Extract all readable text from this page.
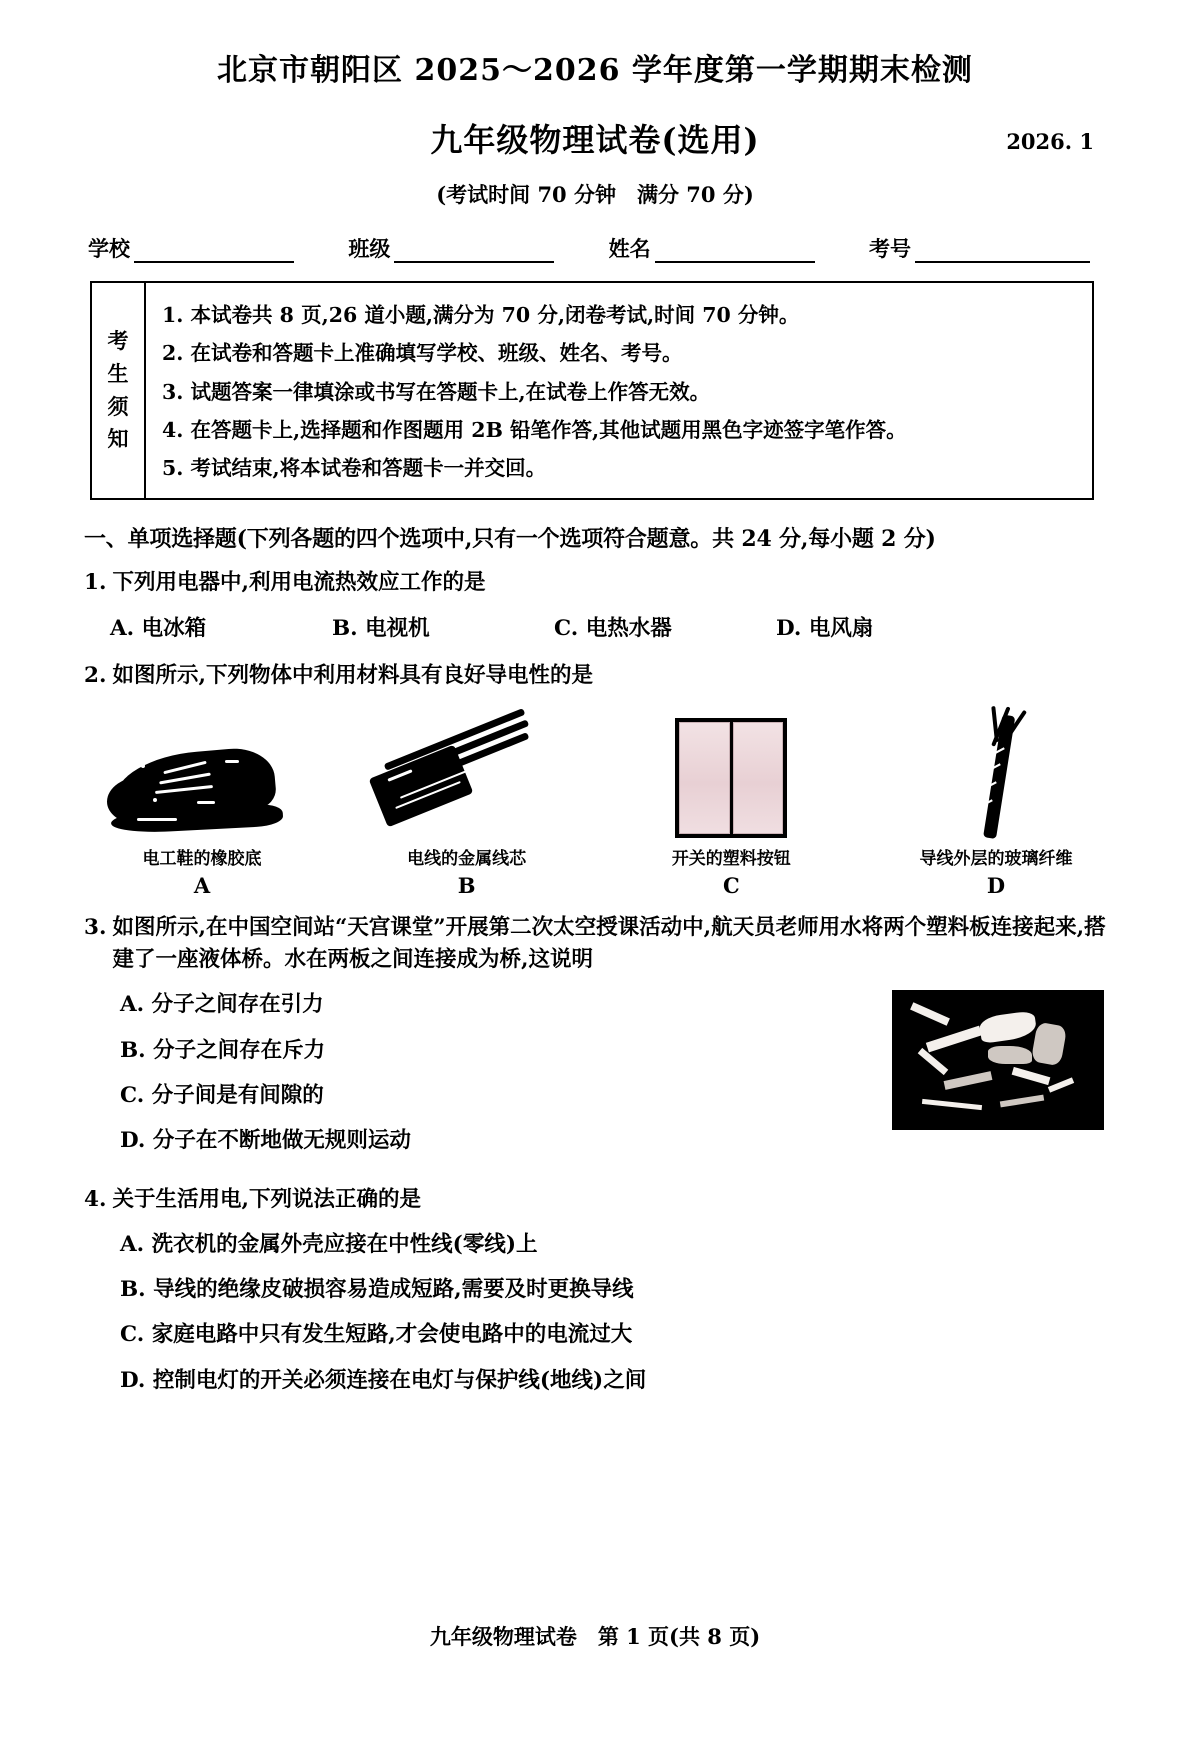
北京市朝阳区 2025～2026 学年度第一学期期末检测
九年级物理试卷(选用)	2026. 1
(考试时间 70 分钟　满分 70 分)
学校	班级	姓名	考号
考
生
须
知
1. 本试卷共 8 页,26 道小题,满分为 70 分,闭卷考试,时间 70 分钟。
2. 在试卷和答题卡上准确填写学校、班级、姓名、考号。
3. 试题答案一律填涂或书写在答题卡上,在试卷上作答无效。
4. 在答题卡上,选择题和作图题用 2B 铅笔作答,其他试题用黑色字迹签字笔作答。
5. 考试结束,将本试卷和答题卡一并交回。
一、单项选择题(下列各题的四个选项中,只有一个选项符合题意。共 24 分,每小题 2 分)
1. 下列用电器中,利用电流热效应工作的是
A. 电冰箱	B. 电视机	C. 电热水器	D. 电风扇
2. 如图所示,下列物体中利用材料具有良好导电性的是
电工鞋的橡胶底
A
电线的金属线芯
B
开关的塑料按钮
C
导线外层的玻璃纤维
D
3. 如图所示,在中国空间站“天宫课堂”开展第二次太空授课活动中,航天员老师用水将两个塑料板连接起来,搭建了一座液体桥。水在两板之间连接成为桥,这说明
A. 分子之间存在引力
B. 分子之间存在斥力
C. 分子间是有间隙的
D. 分子在不断地做无规则运动
4. 关于生活用电,下列说法正确的是
A. 洗衣机的金属外壳应接在中性线(零线)上
B. 导线的绝缘皮破损容易造成短路,需要及时更换导线
C. 家庭电路中只有发生短路,才会使电路中的电流过大
D. 控制电灯的开关必须连接在电灯与保护线(地线)之间
九年级物理试卷　第 1 页(共 8 页)
